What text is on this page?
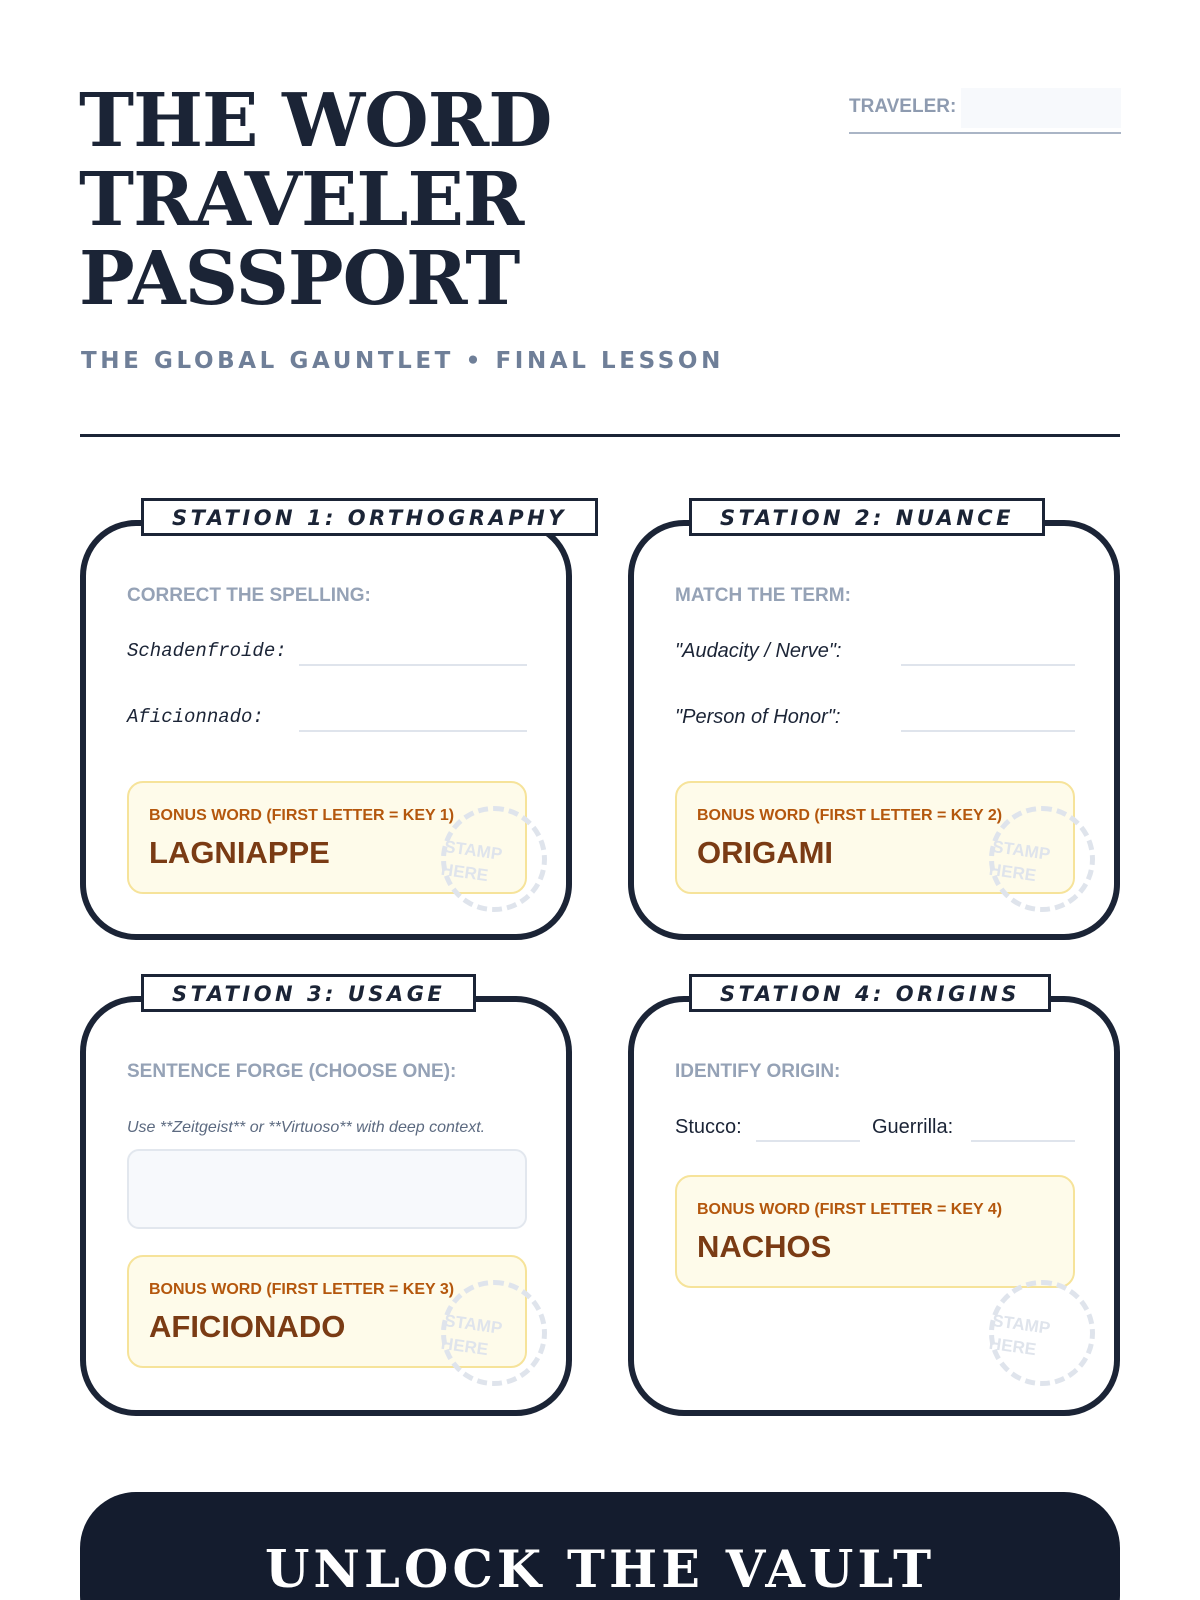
THE WORD
TRAVELER
PASSPORT
THE GLOBAL GAUNTLET • FINAL LESSON
TRAVELER:
STATION 1: ORTHOGRAPHY
CORRECT THE SPELLING:
Schadenfroide:
Aficionnado:
BONUS WORD (FIRST LETTER = KEY 1)
LAGNIAPPE	STAMP
HERE
STATION 2: NUANCE
MATCH THE TERM:
"Audacity / Nerve":
"Person of Honor":
BONUS WORD (FIRST LETTER = KEY 2)
ORIGAMI	STAMP
HERE
STATION 3: USAGE
SENTENCE FORGE (CHOOSE ONE):
Use **Zeitgeist** or **Virtuoso** with deep context.
BONUS WORD (FIRST LETTER = KEY 3)
AFICIONADO	STAMP
HERE
STATION 4: ORIGINS
IDENTIFY ORIGIN:
Stucco:	Guerrilla:
BONUS WORD (FIRST LETTER = KEY 4)
NACHOS
STAMP
HERE
UNLOCK THE VAULT
